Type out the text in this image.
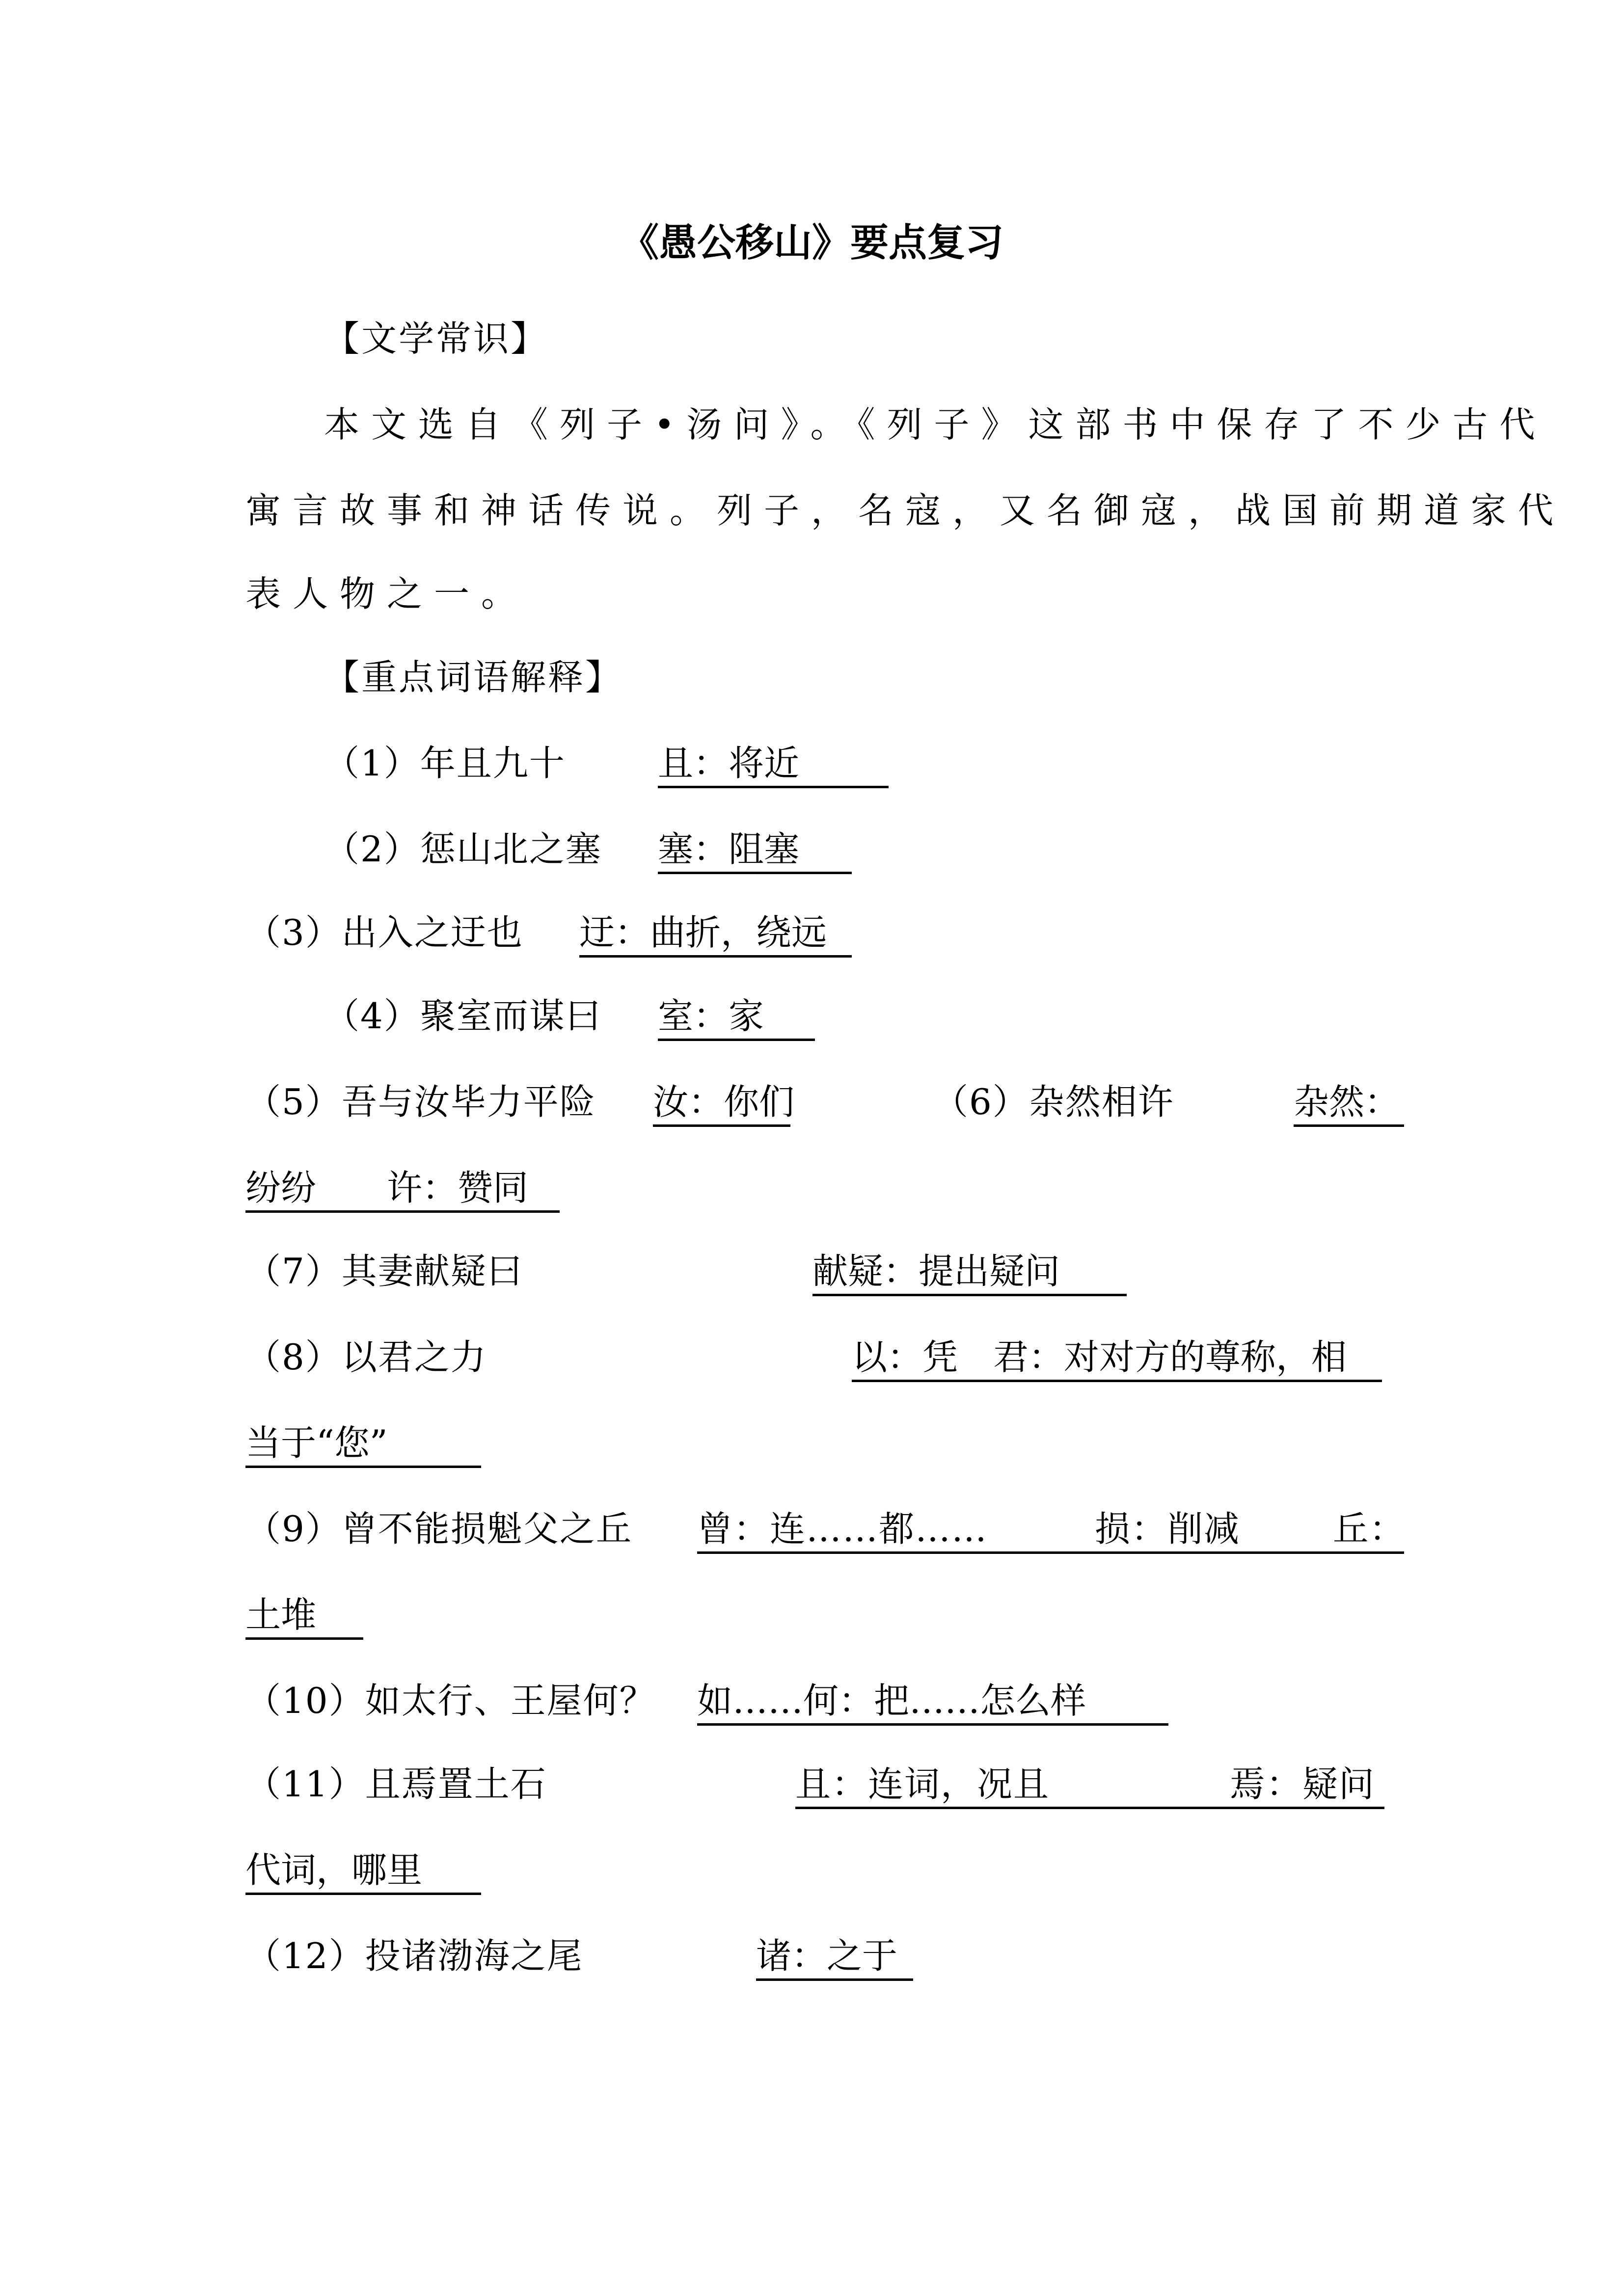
《愚公移山》要点复习
【文学常识】
本文选自《列子•汤问》。《列子》这部书中保存了不少古代
寓言故事和神话传说。列子，名寇，又名御寇，战国前期道家代
表人物之一。
【重点词语解释】
（1）年且九十	且：将近
（2）惩山北之塞 塞：阻塞
（3）出入之迂也 迂：曲折，绕远
（4）聚室而谋曰 室：家
（5）吾与汝毕力平险 汝：你们	（6）杂然相许	杂然：
纷纷　　许：赞同
（7）其妻献疑曰	献疑：提出疑问
（8）以君之力	以：凭　君：对对方的尊称，相
当于“您”
（9）曾不能损魁父之丘 曾：连……都……	损：削减	丘：
土堆
（10）如太行、王屋何？ 如……何：把……怎么样
（11）且焉置土石	且：连词，况且	焉：疑问
代词，哪里
（12）投诸渤海之尾	诸：之于
